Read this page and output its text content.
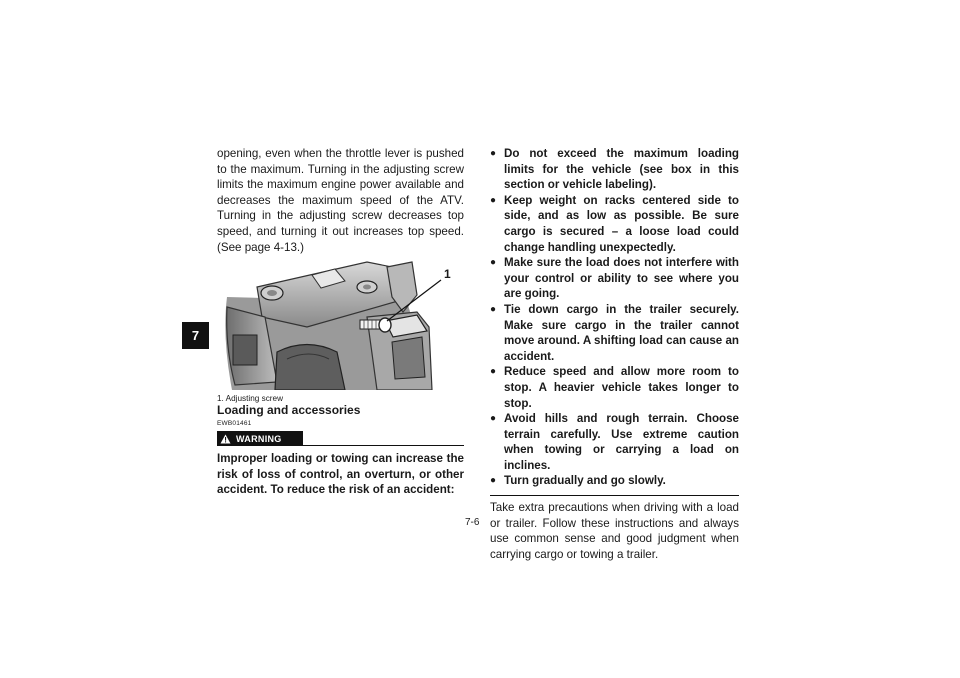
7

opening, even when the throttle lever is pushed to the maximum. Turning in the adjusting screw limits the maximum engine power available and decreases the maximum speed of the ATV. Turning in the adjusting screw decreases top speed, and turning it out increases top speed. (See page 4-13.)

1
1. Adjusting screw
Loading and accessories
EWB01461
WARNING

Improper loading or towing can increase the risk of loss of control, an overturn, or other accident. To reduce the risk of an accident:

● Do not exceed the maximum loading limits for the vehicle (see box in this section or vehicle labeling).
● Keep weight on racks centered side to side, and as low as possible. Be sure cargo is secured – a loose load could change handling unexpectedly.
● Make sure the load does not interfere with your control or ability to see where you are going.
● Tie down cargo in the trailer securely. Make sure cargo in the trailer cannot move around. A shifting load can cause an accident.
● Reduce speed and allow more room to stop. A heavier vehicle takes longer to stop.
● Avoid hills and rough terrain. Choose terrain carefully. Use extreme caution when towing or carrying a load on inclines.
● Turn gradually and go slowly.

Take extra precautions when driving with a load or trailer. Follow these instructions and always use common sense and good judgment when carrying cargo or towing a trailer.

7-6
